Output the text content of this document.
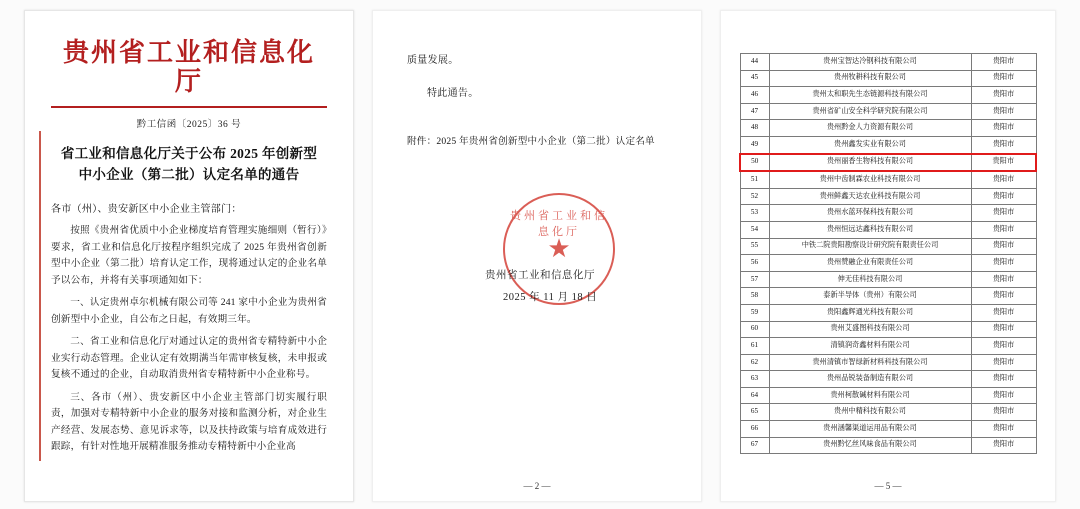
贵州省工业和信息化厅
黔工信函〔2025〕36 号
省工业和信息化厅关于公布 2025 年创新型中小企业（第二批）认定名单的通告
各市（州）、贵安新区中小企业主管部门：

按照《贵州省优质中小企业梯度培育管理实施细则（暂行）》要求，省工业和信息化厅按程序组织完成了 2025 年贵州省创新型中小企业（第二批）培育认定工作，现将通过认定的企业名单予以公布，并将有关事项通知如下：

一、认定贵州卓尔机械有限公司等 241 家中小企业为贵州省创新型中小企业，自公布之日起，有效期三年。

二、省工业和信息化厅对通过认定的贵州省专精特新中小企业实行动态管理。企业认定有效期满当年需审核复核，未申报或复核不通过的企业，自动取消贵州省专精特新中小企业称号。

三、各市（州）、贵安新区中小企业主管部门切实履行职责，加强对专精特新中小企业的服务对接和监测分析，对企业生产经营、发展态势、意见诉求等，以及扶持政策与培育成效进行跟踪，有针对性地开展精准服务推动专精特新中小企业高

质量发展。
特此通告。
附件：2025 年贵州省创新型中小企业（第二批）认定名单
贵州省工业和信息化厅
★
贵州省工业和信息化厅
2025 年 11 月 18 日
— 2 —
44	贵州宝智达冷钢科技有限公司	贵阳市
45	贵州牧耕科技有限公司	贵阳市
46	贵州太和职先生态链源科技有限公司	贵阳市
47	贵州省矿山安全科学研究院有限公司	贵阳市
48	贵州黔金人力资源有限公司	贵阳市
49	贵州鑫发实业有限公司	贵阳市
50	贵州丽香生物科技有限公司	贵阳市
51	贵州中齿制霖农业科技有限公司	贵阳市
52	贵州鲜鑫天达农业科技有限公司	贵阳市
53	贵州水蓝环保科技有限公司	贵阳市
54	贵州恒远达鑫科技有限公司	贵阳市
55	中铁二院贵阳勘察设计研究院有限责任公司	贵阳市
56	贵州赞融企业有限责任公司	贵阳市
57	伸无佳科技有限公司	贵阳市
58	泰新半导体（贵州）有限公司	贵阳市
59	贵阳鑫辉通光科技有限公司	贵阳市
60	贵州艾盛图科技有限公司	贵阳市
61	清镇润奇鑫材料有限公司	贵阳市
62	贵州清镇市智绿新材料科技有限公司	贵阳市
63	贵州品锐装备制造有限公司	贵阳市
64	贵州柯散碱材料有限公司	贵阳市
65	贵州中精科技有限公司	贵阳市
66	贵州涵馨渠道运用品有限公司	贵阳市
67	贵州黔忆丝风味食品有限公司	贵阳市
— 5 —
